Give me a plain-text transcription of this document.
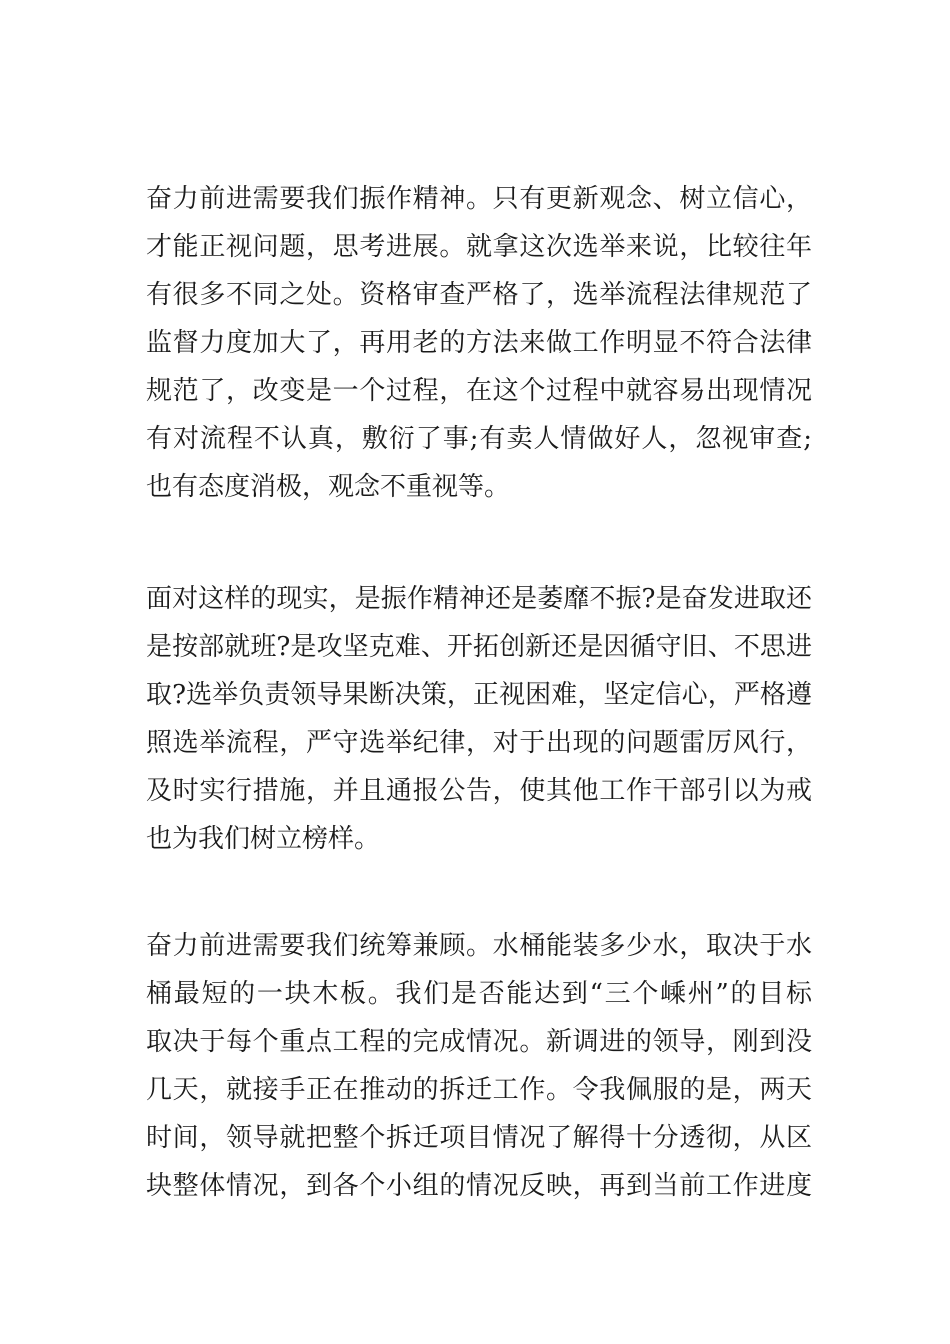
奋力前进需要我们振作精神。只有更新观念、树立信心，
才能正视问题，思考进展。就拿这次选举来说，比较往年
有很多不同之处。资格审查严格了，选举流程法律规范了
监督力度加大了，再用老的方法来做工作明显不符合法律
规范了，改变是一个过程，在这个过程中就容易出现情况
有对流程不认真，敷衍了事;有卖人情做好人，忽视审查;
也有态度消极，观念不重视等。
面对这样的现实，是振作精神还是萎靡不振?是奋发进取还
是按部就班?是攻坚克难、开拓创新还是因循守旧、不思进
取?选举负责领导果断决策，正视困难，坚定信心，严格遵
照选举流程，严守选举纪律，对于出现的问题雷厉风行，
及时实行措施，并且通报公告，使其他工作干部引以为戒
也为我们树立榜样。
奋力前进需要我们统筹兼顾。水桶能装多少水，取决于水
桶最短的一块木板。我们是否能达到“三个嵊州”的目标
取决于每个重点工程的完成情况。新调进的领导，刚到没
几天，就接手正在推动的拆迁工作。令我佩服的是，两天
时间，领导就把整个拆迁项目情况了解得十分透彻，从区
块整体情况，到各个小组的情况反映，再到当前工作进度
